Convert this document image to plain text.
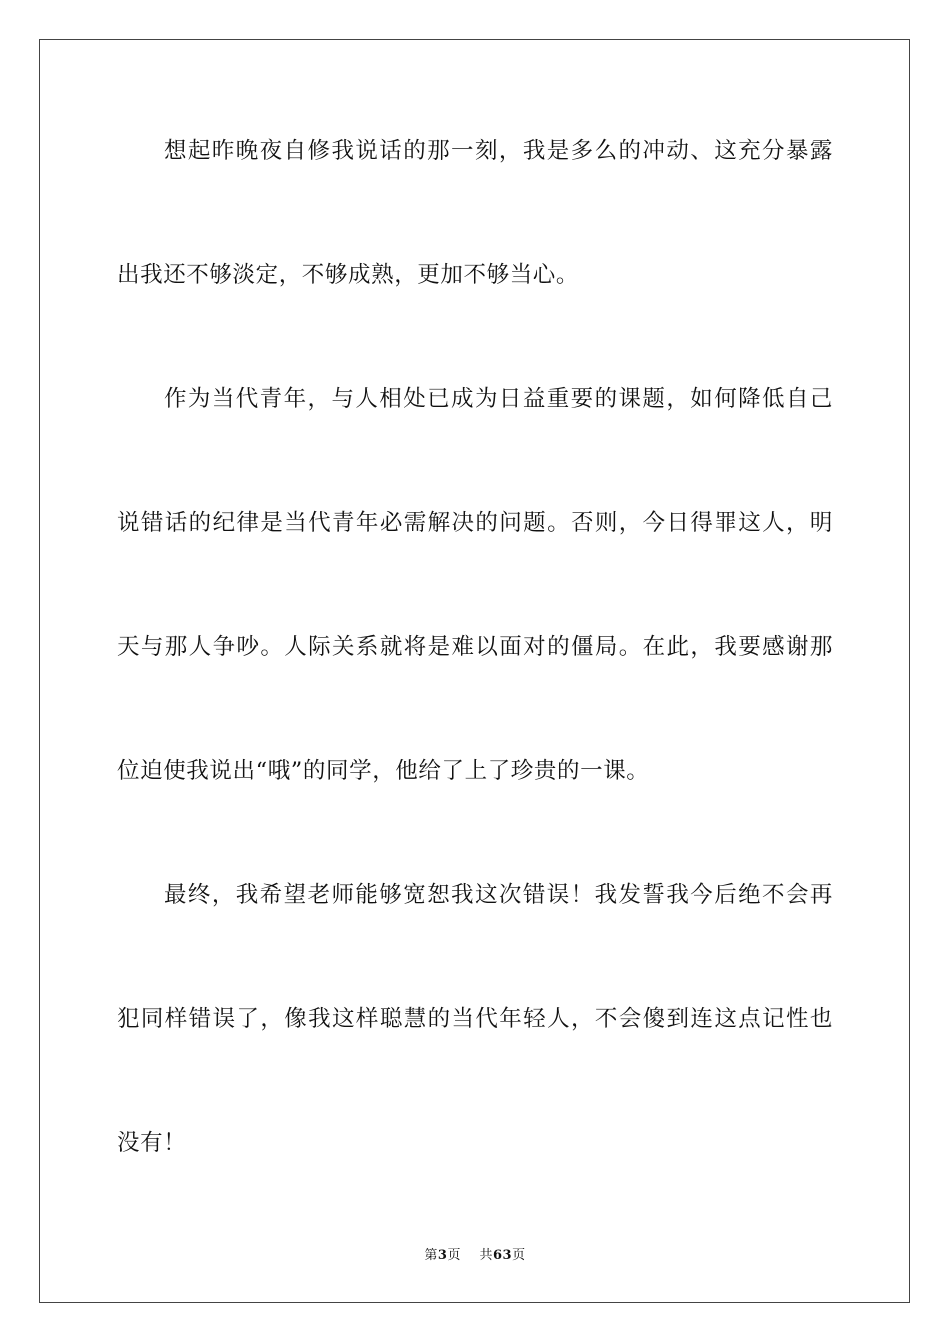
想起昨晚夜自修我说话的那一刻，我是多么的冲动、这充分暴露
出我还不够淡定，不够成熟，更加不够当心。
作为当代青年，与人相处已成为日益重要的课题，如何降低自己
说错话的纪律是当代青年必需解决的问题。否则，今日得罪这人，明
天与那人争吵。人际关系就将是难以面对的僵局。在此，我要感谢那
位迫使我说出“哦”的同学，他给了上了珍贵的一课。
最终，我希望老师能够宽恕我这次错误！我发誓我今后绝不会再
犯同样错误了，像我这样聪慧的当代年轻人，不会傻到连这点记性也
没有！
第3页 共63页
